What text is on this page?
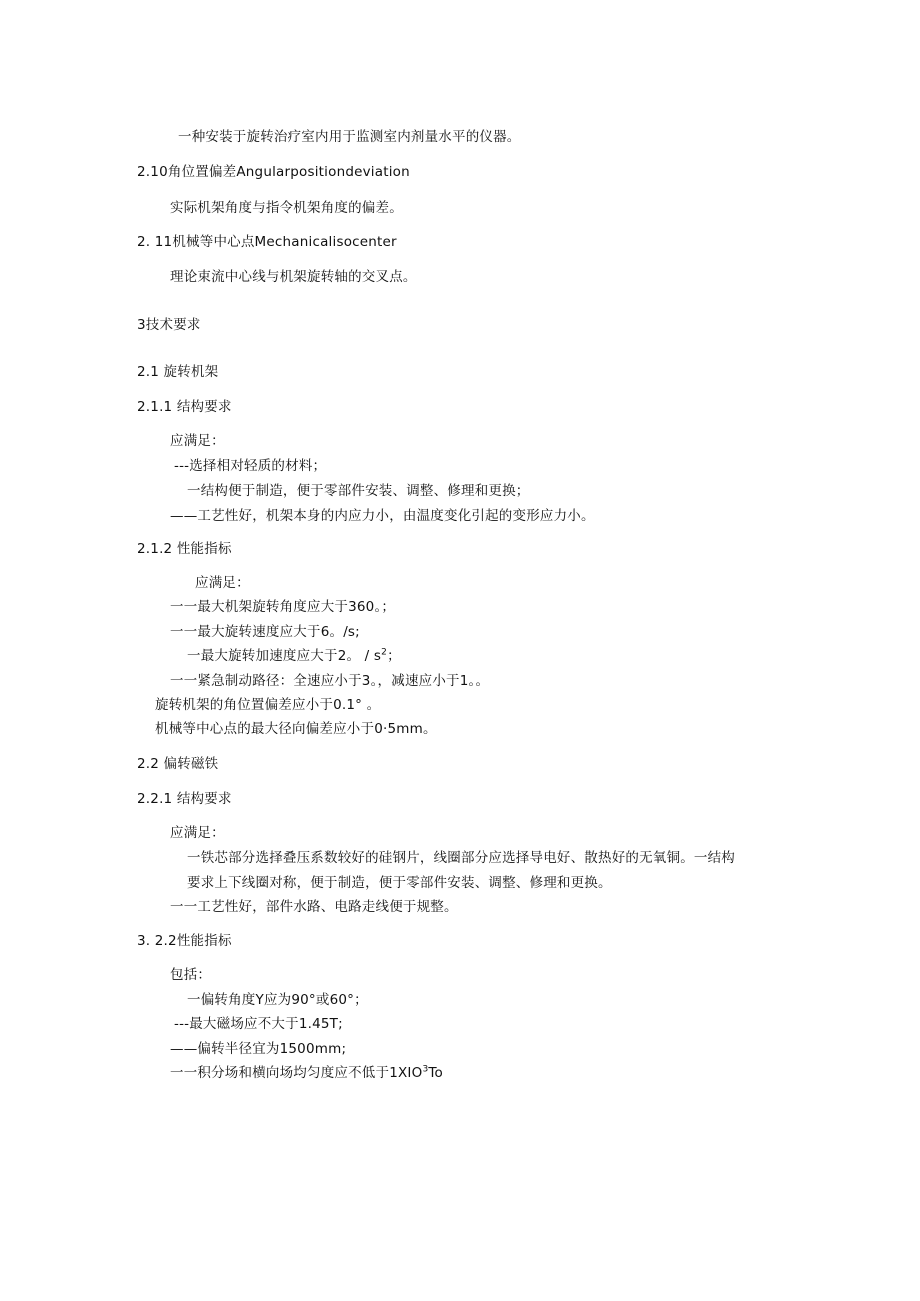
一种安装于旋转治疗室内用于监测室内剂量水平的仪器。
2.10角位置偏差Angularpositiondeviation
实际机架角度与指令机架角度的偏差。
2. 11机械等中心点Mechanicalisocenter
理论束流中心线与机架旋转轴的交叉点。
3技术要求
2.1 旋转机架
2.1.1 结构要求
应满足：
---选择相对轻质的材料；
一结构便于制造，便于零部件安装、调整、修理和更换；
——工艺性好，机架本身的内应力小，由温度变化引起的变形应力小。
2.1.2 性能指标
应满足：
一一最大机架旋转角度应大于360。；
一一最大旋转速度应大于6。/s;
一最大旋转加速度应大于2。 / $s^2$；
一一紧急制动路径：全速应小于3。，减速应小于1。。
旋转机架的角位置偏差应小于0.1° 。
机械等中心点的最大径向偏差应小于0·5mm。
2.2 偏转磁铁
2.2.1 结构要求
应满足：
一铁芯部分选择叠压系数较好的硅钢片，线圈部分应选择导电好、散热好的无氧铜。一结构
要求上下线圈对称，便于制造，便于零部件安装、调整、修理和更换。
一一工艺性好，部件水路、电路走线便于规整。
3. 2.2性能指标
包括：
一偏转角度Y应为90°或60°；
---最大磁场应不大于1.45T;
——偏转半径宜为1500mm;
一一积分场和横向场均匀度应不低于1XIO$^3$To
